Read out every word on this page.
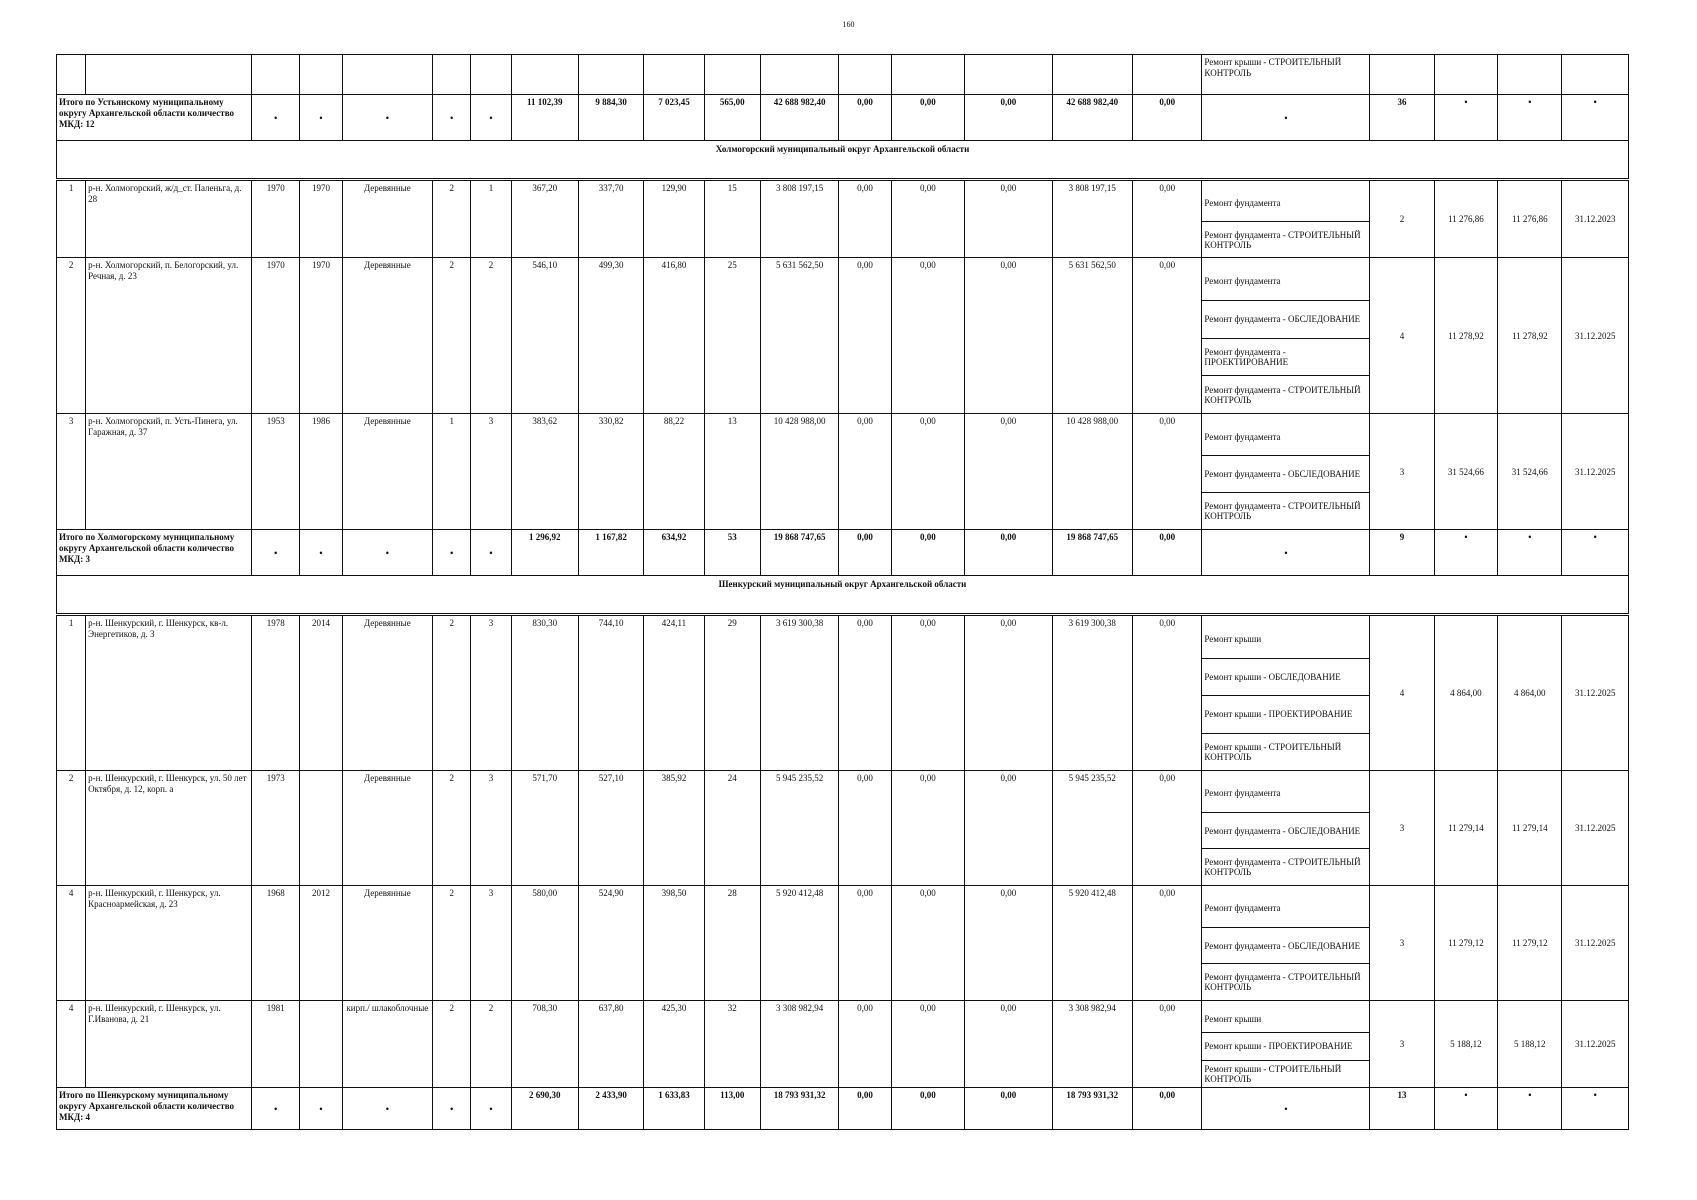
160
																	Ремонт крыши - СТРОИТЕЛЬНЫЙ КОНТРОЛЬ				
Итого по Устьянскому муниципальному округу Архангельской области количество МКД: 12		•	•	•	•	•	11 102,39	9 884,30	7 023,45	565,00	42 688 982,40	0,00	0,00	0,00	42 688 982,40	0,00	•	36	•	•	•
Холмогорский муниципальный округ Архангельской области																					

1	р-н. Холмогорский, ж/д_ст. Паленьга, д. 28	1970	1970	Деревянные	2	1	367,20	337,70	129,90	15	3 808 197,15	0,00	0,00	0,00	3 808 197,15	0,00	Ремонт фундамента
Ремонт фундамента - СТРОИТЕЛЬНЫЙ КОНТРОЛЬ	2	11 276,86	11 276,86	31.12.2023
2	р-н. Холмогорский, п. Белогорский, ул. Речная, д. 23	1970	1970	Деревянные	2	2	546,10	499,30	416,80	25	5 631 562,50	0,00	0,00	0,00	5 631 562,50	0,00	Ремонт фундамента
Ремонт фундамента - ОБСЛЕДОВАНИЕ
Ремонт фундамента - ПРОЕКТИРОВАНИЕ
Ремонт фундамента - СТРОИТЕЛЬНЫЙ КОНТРОЛЬ	4	11 278,92	11 278,92	31.12.2025
3	р-н. Холмогорский, п. Усть-Пинега, ул. Гаражная, д. 37	1953	1986	Деревянные	1	3	383,62	330,82	88,22	13	10 428 988,00	0,00	0,00	0,00	10 428 988,00	0,00	Ремонт фундамента
Ремонт фундамента - ОБСЛЕДОВАНИЕ
Ремонт фундамента - СТРОИТЕЛЬНЫЙ КОНТРОЛЬ	3	31 524,66	31 524,66	31.12.2025
Итого по Холмогорскому муниципальному округу Архангельской области количество МКД: 3		•	•	•	•	•	1 296,92	1 167,82	634,92	53	19 868 747,65	0,00	0,00	0,00	19 868 747,65	0,00	•	9	•	•	•
Шенкурский муниципальный округ Архангельской области																					

1	р-н. Шенкурский, г. Шенкурск, кв-л. Энергетиков, д. 3	1978	2014	Деревянные	2	3	830,30	744,10	424,11	29	3 619 300,38	0,00	0,00	0,00	3 619 300,38	0,00	Ремонт крыши
Ремонт крыши - ОБСЛЕДОВАНИЕ
Ремонт крыши - ПРОЕКТИРОВАНИЕ
Ремонт крыши - СТРОИТЕЛЬНЫЙ КОНТРОЛЬ	4	4 864,00	4 864,00	31.12.2025
2	р-н. Шенкурский, г. Шенкурск, ул. 50 лет Октября, д. 12, корп. а	1973		Деревянные	2	3	571,70	527,10	385,92	24	5 945 235,52	0,00	0,00	0,00	5 945 235,52	0,00	Ремонт фундамента
Ремонт фундамента - ОБСЛЕДОВАНИЕ
Ремонт фундамента - СТРОИТЕЛЬНЫЙ КОНТРОЛЬ	3	11 279,14	11 279,14	31.12.2025
4	р-н. Шенкурский, г. Шенкурск, ул. Красноармейская, д. 23	1968	2012	Деревянные	2	3	580,00	524,90	398,50	28	5 920 412,48	0,00	0,00	0,00	5 920 412,48	0,00	Ремонт фундамента
Ремонт фундамента - ОБСЛЕДОВАНИЕ
Ремонт фундамента - СТРОИТЕЛЬНЫЙ КОНТРОЛЬ	3	11 279,12	11 279,12	31.12.2025
4	р-н. Шенкурский, г. Шенкурск, ул. Г.Иванова, д. 21	1981		кирп./ шлакоблочные	2	2	708,30	637,80	425,30	32	3 308 982,94	0,00	0,00	0,00	3 308 982,94	0,00	Ремонт крыши
Ремонт крыши - ПРОЕКТИРОВАНИЕ
Ремонт крыши - СТРОИТЕЛЬНЫЙ КОНТРОЛЬ	3	5 188,12	5 188,12	31.12.2025
Итого по Шенкурскому муниципальному округу Архангельской области количество МКД: 4		•	•	•	•	•	2 690,30	2 433,90	1 633,83	113,00	18 793 931,32	0,00	0,00	0,00	18 793 931,32	0,00	•	13	•	•	•
